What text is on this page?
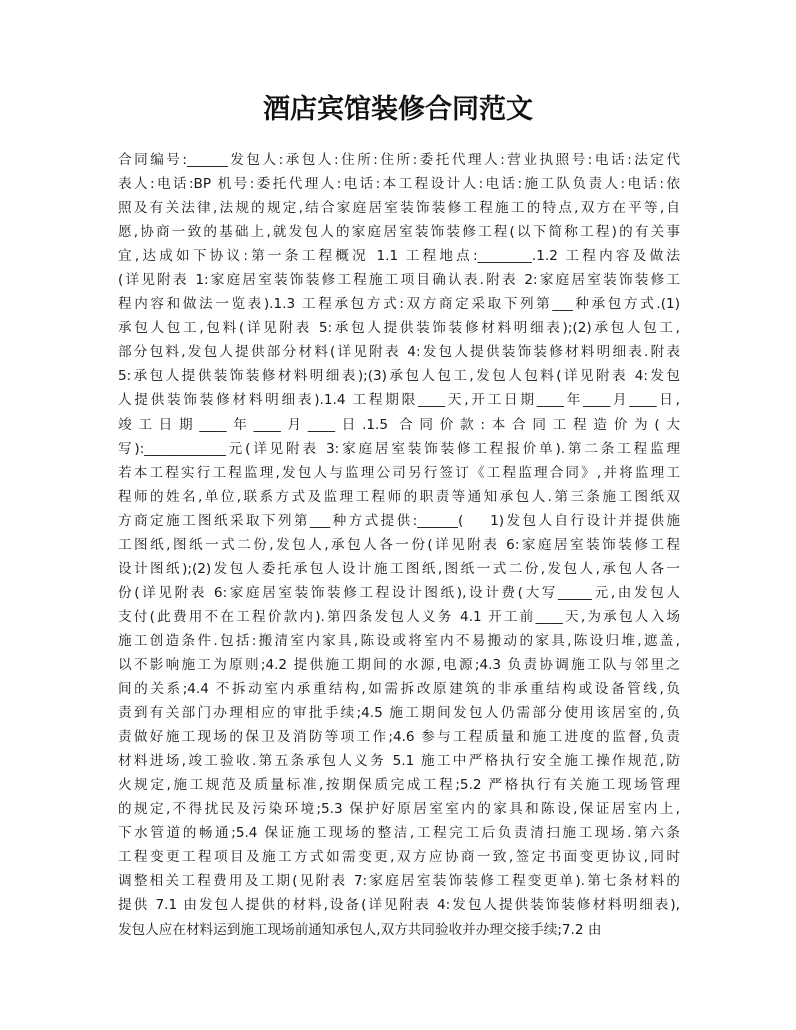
酒店宾馆装修合同范文
合同编号:______发包人:承包人:住所:住所:委托代理人:营业执照号:电话:法定代
表人:电话:BP 机号:委托代理人:电话:本工程设计人:电话:施工队负责人:电话:依
照及有关法律,法规的规定,结合家庭居室装饰装修工程施工的特点,双方在平等,自
愿,协商一致的基础上,就发包人的家庭居室装饰装修工程(以下简称工程)的有关事
宜,达成如下协议:第一条工程概况 1.1 工程地点:________.1.2 工程内容及做法
(详见附表 1:家庭居室装饰装修工程施工项目确认表.附表 2:家庭居室装饰装修工
程内容和做法一览表).1.3 工程承包方式:双方商定采取下列第___种承包方式.(1)
承包人包工,包料(详见附表 5:承包人提供装饰装修材料明细表);(2)承包人包工,
部分包料,发包人提供部分材料(详见附表 4:发包人提供装饰装修材料明细表.附表
5:承包人提供装饰装修材料明细表);(3)承包人包工,发包人包料(详见附表 4:发包
人提供装饰装修材料明细表).1.4 工程期限____天,开工日期____年____月____日,
竣工日期____年____月____日.1.5 合同价款:本合同工程造价为(大
写):____________元(详见附表 3:家庭居室装饰装修工程报价单).第二条工程监理
若本工程实行工程监理,发包人与监理公司另行签订《工程监理合同》,并将监理工
程师的姓名,单位,联系方式及监理工程师的职责等通知承包人.第三条施工图纸双
方商定施工图纸采取下列第___种方式提供:______(    1)发包人自行设计并提供施
工图纸,图纸一式二份,发包人,承包人各一份(详见附表 6:家庭居室装饰装修工程
设计图纸);(2)发包人委托承包人设计施工图纸,图纸一式二份,发包人,承包人各一
份(详见附表 6:家庭居室装饰装修工程设计图纸),设计费(大写_____元,由发包人
支付(此费用不在工程价款内).第四条发包人义务 4.1 开工前____天,为承包人入场
施工创造条件.包括:搬清室内家具,陈设或将室内不易搬动的家具,陈设归堆,遮盖,
以不影响施工为原则;4.2 提供施工期间的水源,电源;4.3 负责协调施工队与邻里之
间的关系;4.4 不拆动室内承重结构,如需拆改原建筑的非承重结构或设备管线,负
责到有关部门办理相应的审批手续;4.5 施工期间发包人仍需部分使用该居室的,负
责做好施工现场的保卫及消防等项工作;4.6 参与工程质量和施工进度的监督,负责
材料进场,竣工验收.第五条承包人义务 5.1 施工中严格执行安全施工操作规范,防
火规定,施工规范及质量标准,按期保质完成工程;5.2 严格执行有关施工现场管理
的规定,不得扰民及污染环境;5.3 保护好原居室室内的家具和陈设,保证居室内上,
下水管道的畅通;5.4 保证施工现场的整洁,工程完工后负责清扫施工现场.第六条
工程变更工程项目及施工方式如需变更,双方应协商一致,签定书面变更协议,同时
调整相关工程费用及工期(见附表 7:家庭居室装饰装修工程变更单).第七条材料的
提供 7.1 由发包人提供的材料,设备(详见附表 4:发包人提供装饰装修材料明细表),
发包人应在材料运到施工现场前通知承包人,双方共同验收并办理交接手续;7.2 由
